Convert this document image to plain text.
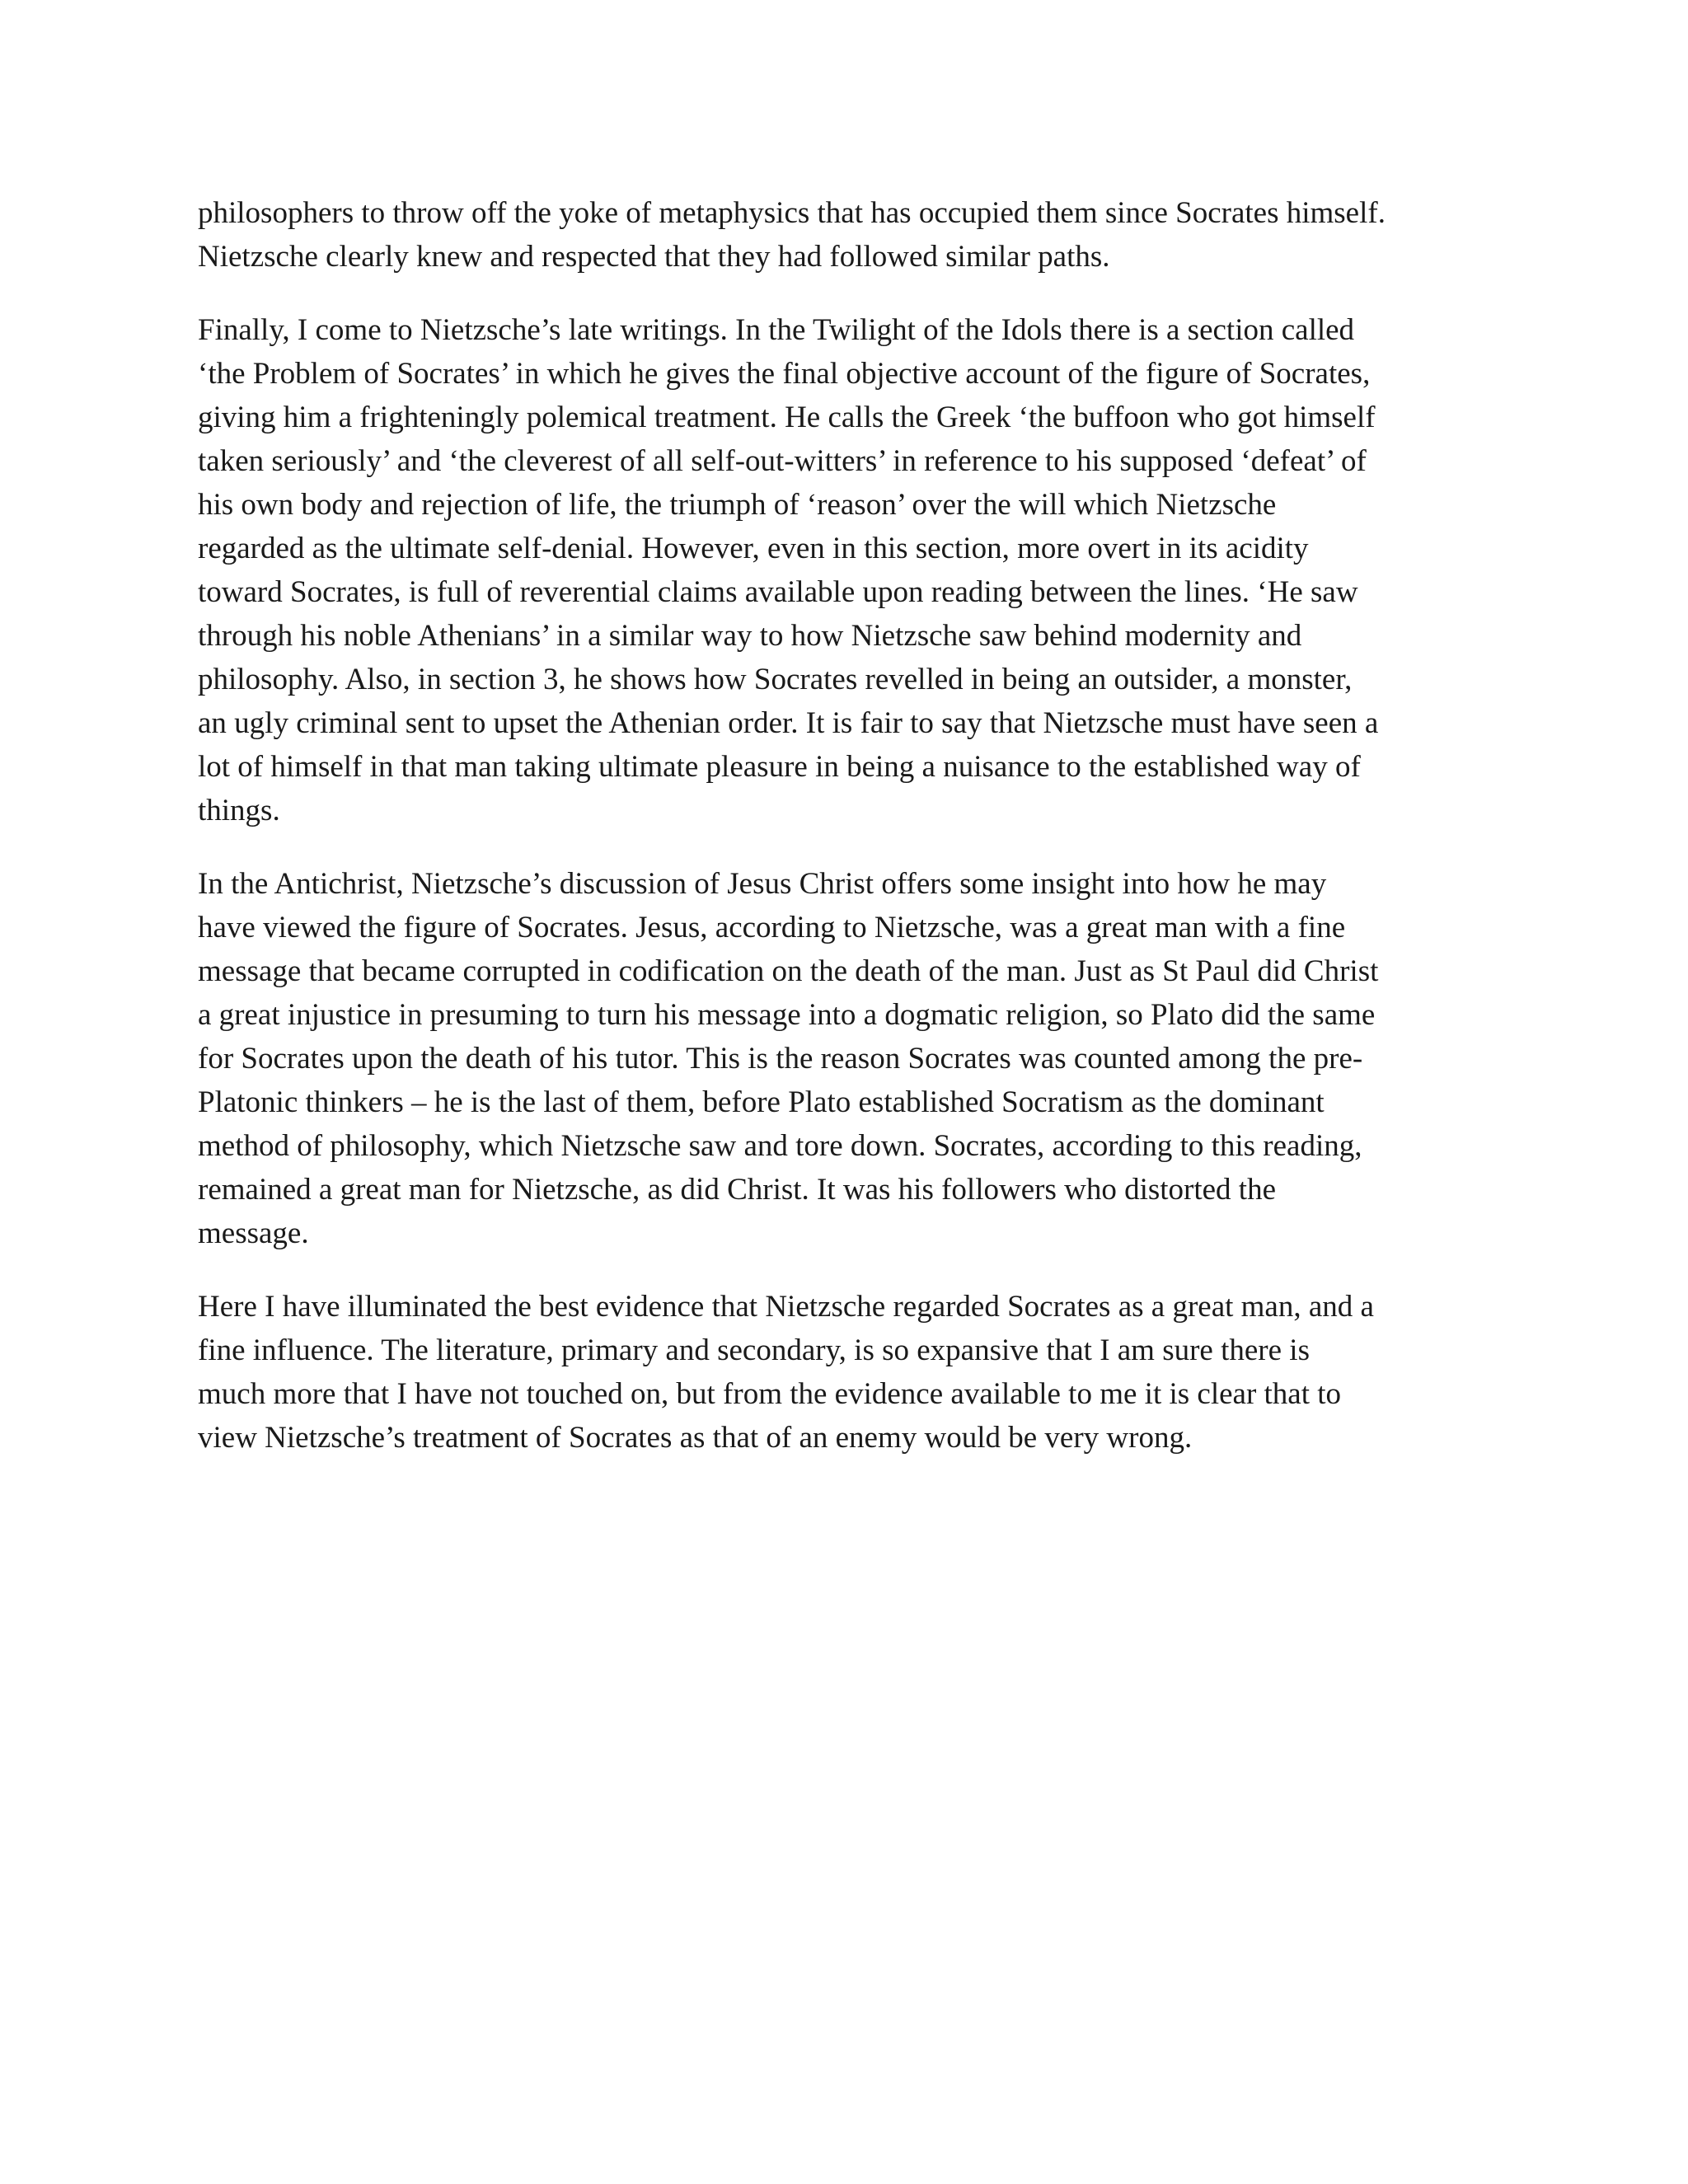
philosophers to throw off the yoke of metaphysics that has occupied them since Socrates himself.
Nietzsche clearly knew and respected that they had followed similar paths.

Finally, I come to Nietzsche’s late writings. In the Twilight of the Idols there is a section called
‘the Problem of Socrates’ in which he gives the final objective account of the figure of Socrates,
giving him a frighteningly polemical treatment. He calls the Greek ‘the buffoon who got himself
taken seriously’ and ‘the cleverest of all self-out-witters’ in reference to his supposed ‘defeat’ of
his own body and rejection of life, the triumph of ‘reason’ over the will which Nietzsche
regarded as the ultimate self-denial. However, even in this section, more overt in its acidity
toward Socrates, is full of reverential claims available upon reading between the lines. ‘He saw
through his noble Athenians’ in a similar way to how Nietzsche saw behind modernity and
philosophy. Also, in section 3, he shows how Socrates revelled in being an outsider, a monster,
an ugly criminal sent to upset the Athenian order. It is fair to say that Nietzsche must have seen a
lot of himself in that man taking ultimate pleasure in being a nuisance to the established way of
things.

In the Antichrist, Nietzsche’s discussion of Jesus Christ offers some insight into how he may
have viewed the figure of Socrates. Jesus, according to Nietzsche, was a great man with a fine
message that became corrupted in codification on the death of the man. Just as St Paul did Christ
a great injustice in presuming to turn his message into a dogmatic religion, so Plato did the same
for Socrates upon the death of his tutor. This is the reason Socrates was counted among the pre-
Platonic thinkers – he is the last of them, before Plato established Socratism as the dominant
method of philosophy, which Nietzsche saw and tore down. Socrates, according to this reading,
remained a great man for Nietzsche, as did Christ. It was his followers who distorted the
message.

Here I have illuminated the best evidence that Nietzsche regarded Socrates as a great man, and a
fine influence. The literature, primary and secondary, is so expansive that I am sure there is
much more that I have not touched on, but from the evidence available to me it is clear that to
view Nietzsche’s treatment of Socrates as that of an enemy would be very wrong.
